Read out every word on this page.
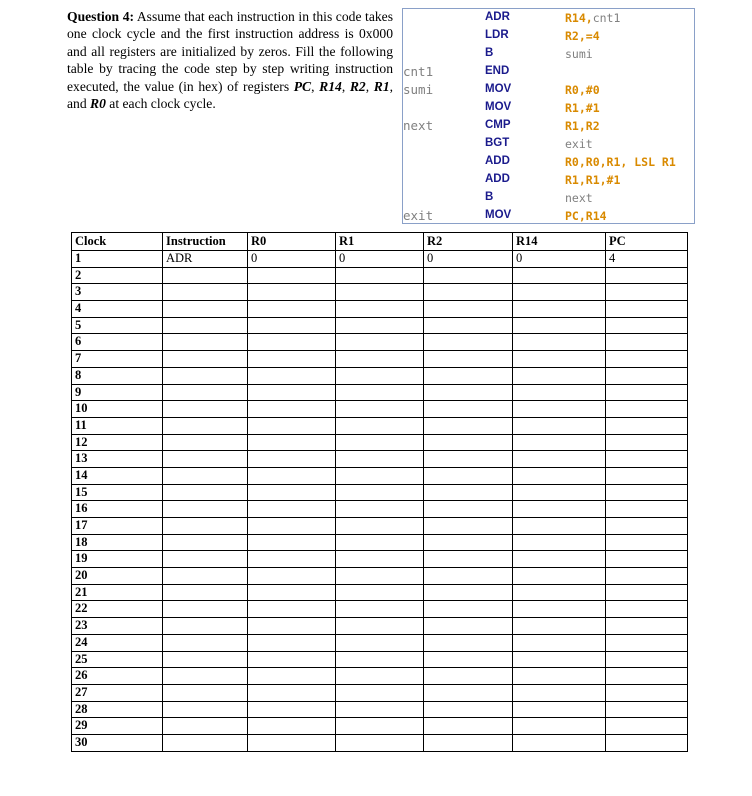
Question 4: Assume that each instruction in this code takes one clock cycle and the first instruction address is 0x000 and all registers are initialized by zeros. Fill the following table by tracing the code step by step writing instruction executed, the value (in hex) of registers PC, R14, R2, R1, and R0 at each clock cycle.
ADR	R14,cnt1
LDR	R2,=4
B	sumi
cnt1	END
sumi	MOV	R0,#0
MOV	R1,#1
next	CMP	R1,R2
BGT	exit
ADD	R0,R0,R1, LSL R1
ADD	R1,R1,#1
B	next
exit	MOV	PC,R14
Clock	Instruction	R0	R1	R2	R14	PC
1	ADR	0	0	0	0	4
2						
3						
4						
5						
6						
7						
8						
9						
10						
11						
12						
13						
14						
15						
16						
17						
18						
19						
20						
21						
22						
23						
24						
25						
26						
27						
28						
29						
30						
